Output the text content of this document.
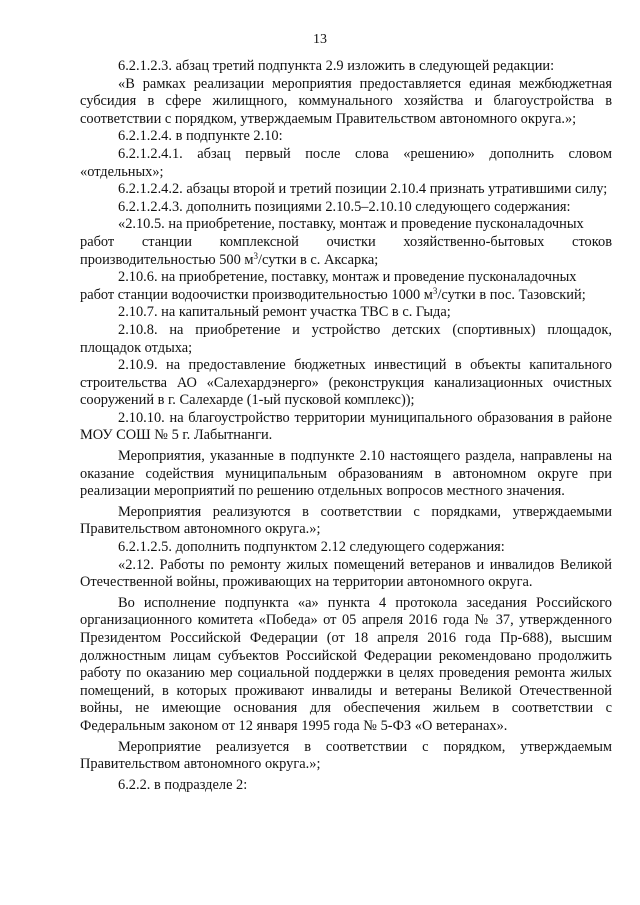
13

6.2.1.2.3. абзац третий подпункта 2.9 изложить в следующей редакции:

«В рамках реализации мероприятия предоставляется единая межбюджетная субсидия в сфере жилищного, коммунального хозяйства и благоустройства в соответствии с порядком, утверждаемым Правительством автономного округа.»;

6.2.1.2.4. в подпункте 2.10:

6.2.1.2.4.1. абзац первый после слова «решению» дополнить словом «отдельных»;

6.2.1.2.4.2. абзацы второй и третий позиции 2.10.4 признать утратившими силу;

6.2.1.2.4.3. дополнить позициями 2.10.5–2.10.10 следующего содержания:

«2.10.5. на приобретение, поставку, монтаж и проведение пусконаладочных
работ станции комплексной очистки хозяйственно-бытовых стоков
производительностью 500 $м^3$/сутки в с. Аксарка;

2.10.6. на приобретение, поставку, монтаж и проведение пусконаладочных
работ станции водоочистки производительностью 1000 $м^3$/сутки в пос. Тазовский;

2.10.7. на капитальный ремонт участка ТВС в с. Гыда;

2.10.8. на приобретение и устройство детских (спортивных) площадок, площадок отдыха;

2.10.9. на предоставление бюджетных инвестиций в объекты капитального строительства АО «Салехардэнерго» (реконструкция канализационных очистных сооружений в г. Салехарде (1-ый пусковой комплекс));

2.10.10. на благоустройство территории муниципального образования в районе МОУ СОШ № 5 г. Лабытнанги.

Мероприятия, указанные в подпункте 2.10 настоящего раздела, направлены на оказание содействия муниципальным образованиям в автономном округе при реализации мероприятий по решению отдельных вопросов местного значения.

Мероприятия реализуются в соответствии с порядками, утверждаемыми Правительством автономного округа.»;

6.2.1.2.5. дополнить подпунктом 2.12 следующего содержания:

«2.12. Работы по ремонту жилых помещений ветеранов и инвалидов Великой Отечественной войны, проживающих на территории автономного округа.

Во исполнение подпункта «а» пункта 4 протокола заседания Российского организационного комитета «Победа» от 05 апреля 2016 года № 37, утвержденного Президентом Российской Федерации (от 18 апреля 2016 года Пр-688), высшим должностным лицам субъектов Российской Федерации рекомендовано продолжить работу по оказанию мер социальной поддержки в целях проведения ремонта жилых помещений, в которых проживают инвалиды и ветераны Великой Отечественной войны, не имеющие основания для обеспечения жильем в соответствии с Федеральным законом от 12 января 1995 года № 5-ФЗ «О ветеранах».

Мероприятие реализуется в соответствии с порядком, утверждаемым Правительством автономного округа.»;

6.2.2. в подразделе 2:
